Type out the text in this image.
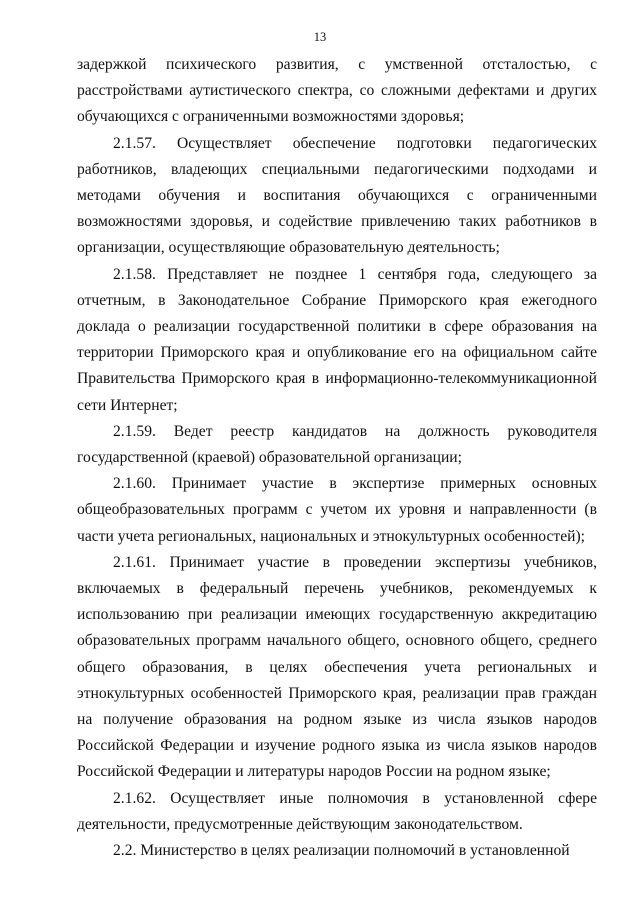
13

задержкой психического развития, с умственной отсталостью, с расстройствами аутистического спектра, со сложными дефектами и других обучающихся с ограниченными возможностями здоровья;

2.1.57. Осуществляет обеспечение подготовки педагогических работников, владеющих специальными педагогическими подходами и методами обучения и воспитания обучающихся с ограниченными возможностями здоровья, и содействие привлечению таких работников в организации, осуществляющие образовательную деятельность;

2.1.58. Представляет не позднее 1 сентября года, следующего за отчетным, в Законодательное Собрание Приморского края ежегодного доклада о реализации государственной политики в сфере образования на территории Приморского края и опубликование его на официальном сайте Правительства Приморского края в информационно-телекоммуникационной сети Интернет;

2.1.59. Ведет реестр кандидатов на должность руководителя государственной (краевой) образовательной организации;

2.1.60. Принимает участие в экспертизе примерных основных общеобразовательных программ с учетом их уровня и направленности (в части учета региональных, национальных и этнокультурных особенностей);

2.1.61. Принимает участие в проведении экспертизы учебников, включаемых в федеральный перечень учебников, рекомендуемых к использованию при реализации имеющих государственную аккредитацию образовательных программ начального общего, основного общего, среднего общего образования, в целях обеспечения учета региональных и этнокультурных особенностей Приморского края, реализации прав граждан на получение образования на родном языке из числа языков народов Российской Федерации и изучение родного языка из числа языков народов Российской Федерации и литературы народов России на родном языке;

2.1.62. Осуществляет иные полномочия в установленной сфере деятельности, предусмотренные действующим законодательством.

2.2. Министерство в целях реализации полномочий в установленной
